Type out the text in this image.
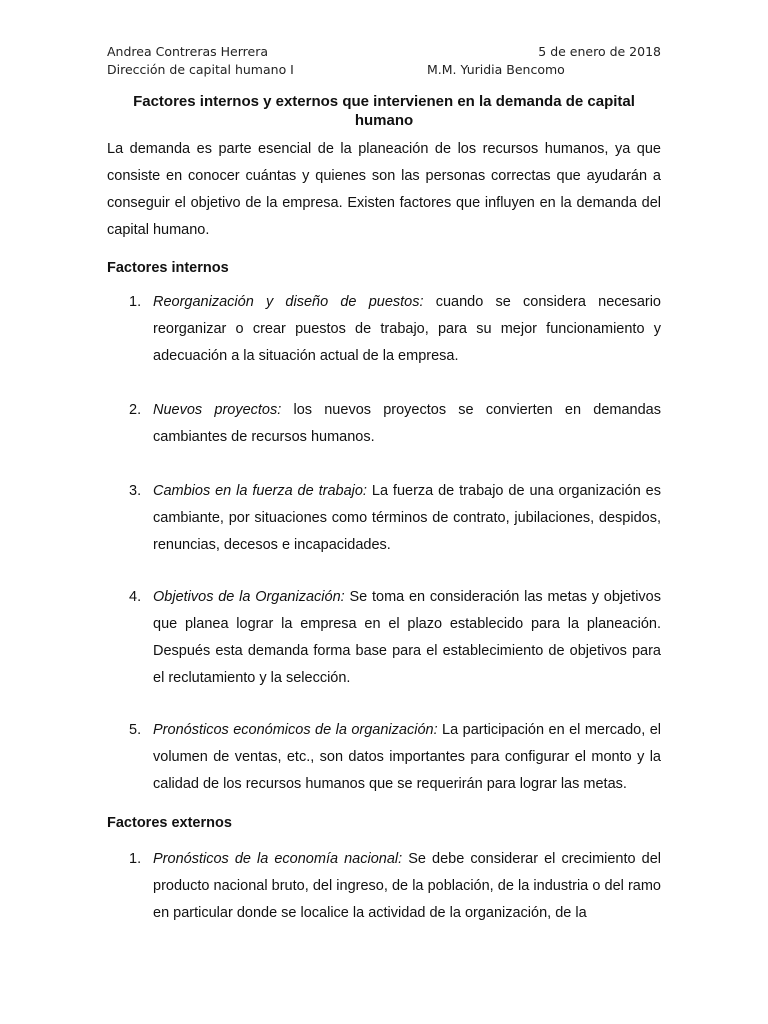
Andrea Contreras Herrera	5 de enero de 2018
Dirección de capital humano I	M.M. Yuridia Bencomo
Factores internos y externos que intervienen en la demanda de capital humano
La demanda es parte esencial de la planeación de los recursos humanos, ya que consiste en conocer cuántas y quienes son las personas correctas que ayudarán a conseguir el objetivo de la empresa. Existen factores que influyen en la demanda del capital humano.
Factores internos
1. Reorganización y diseño de puestos: cuando se considera necesario reorganizar o crear puestos de trabajo, para su mejor funcionamiento y adecuación a la situación actual de la empresa.
2. Nuevos proyectos: los nuevos proyectos se convierten en demandas cambiantes de recursos humanos.
3. Cambios en la fuerza de trabajo: La fuerza de trabajo de una organización es cambiante, por situaciones como términos de contrato, jubilaciones, despidos, renuncias, decesos e incapacidades.
4. Objetivos de la Organización: Se toma en consideración las metas y objetivos que planea lograr la empresa en el plazo establecido para la planeación. Después esta demanda forma base para el establecimiento de objetivos para el reclutamiento y la selección.
5. Pronósticos económicos de la organización: La participación en el mercado, el volumen de ventas, etc., son datos importantes para configurar el monto y la calidad de los recursos humanos que se requerirán para lograr las metas.
Factores externos
1. Pronósticos de la economía nacional: Se debe considerar el crecimiento del producto nacional bruto, del ingreso, de la población, de la industria o del ramo en particular donde se localice la actividad de la organización, de la
